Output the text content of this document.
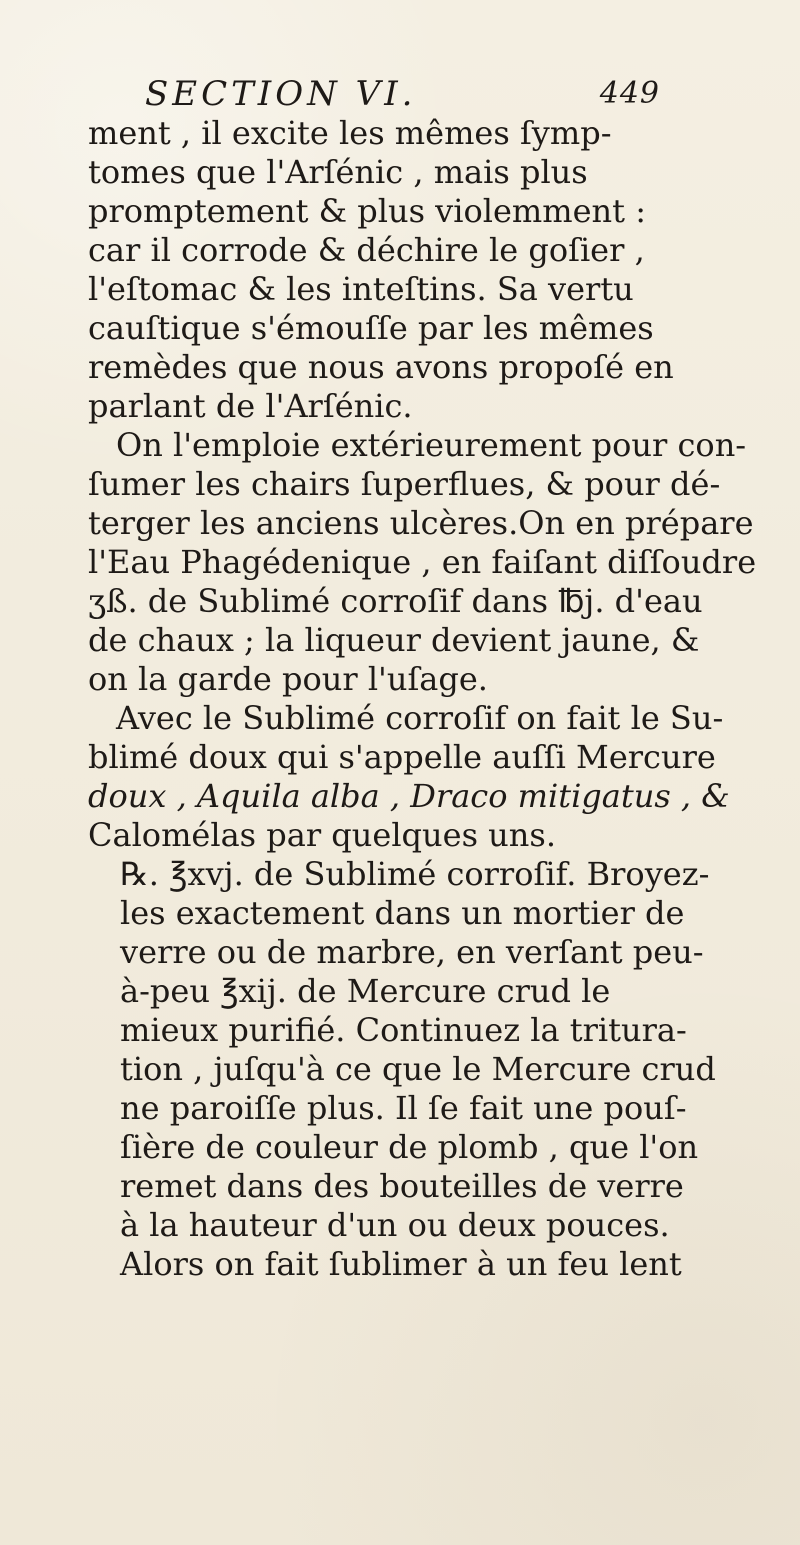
SECTION VI.	449
ment , il excite les mêmes ſymp-
tomes que l'Arſénic , mais plus
promptement & plus violemment :
car il corrode & déchire le goſier ,
l'eſtomac & les inteſtins. Sa vertu
cauſtique s'émouſſe par les mêmes
remèdes que nous avons propoſé en
parlant de l'Arſénic.
On l'emploie extérieurement pour con-
ſumer les chairs ſuperflues, & pour dé-
terger les anciens ulcères.On en prépare
l'Eau Phagédenique , en faiſant diſſoudre
ʒß. de Sublimé corroſif dans ℔j. d'eau
de chaux ; la liqueur devient jaune, &
on la garde pour l'uſage.
Avec le Sublimé corroſif on fait le Su-
blimé doux qui s'appelle auſſi Mercure
doux , Aquila alba , Draco mitigatus , &
Calomélas par quelques uns.
℞. ℥xvj. de Sublimé corroſif. Broyez-
les exactement dans un mortier de
verre ou de marbre, en verſant peu-
à-peu ℥xij. de Mercure crud le
mieux purifié. Continuez la tritura-
tion , juſqu'à ce que le Mercure crud
ne paroiſſe plus. Il ſe fait une pouſ-
ſière de couleur de plomb , que l'on
remet dans des bouteilles de verre
à la hauteur d'un ou deux pouces.
Alors on fait ſublimer à un feu lent
